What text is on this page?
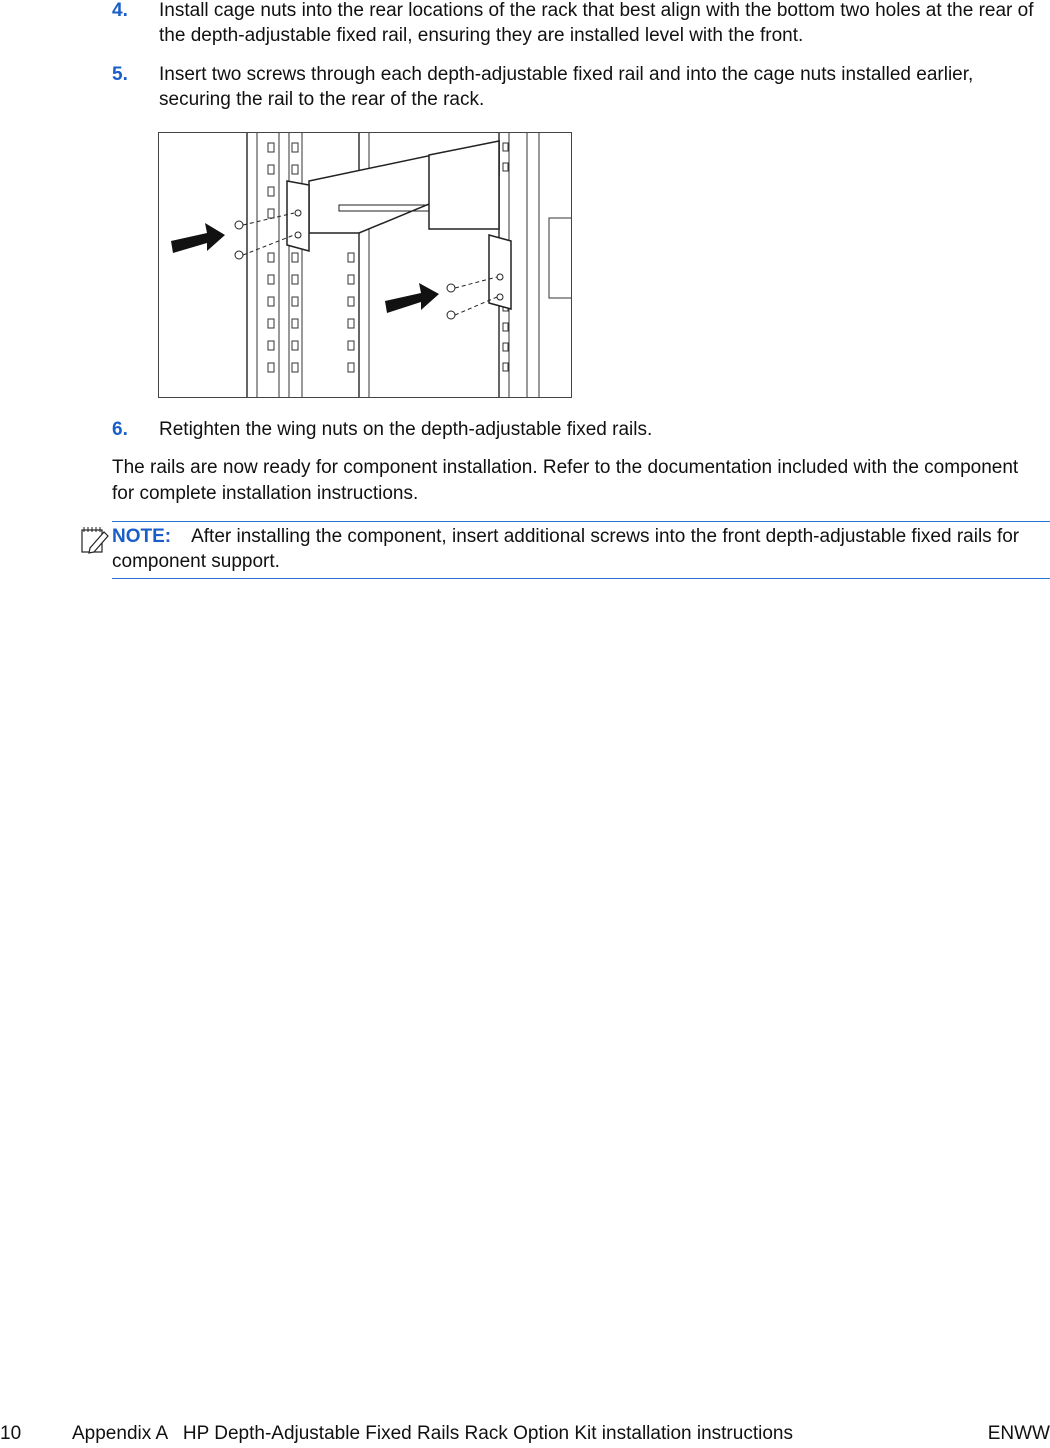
4. Install cage nuts into the rear locations of the rack that best align with the bottom two holes at the rear of the depth-adjustable fixed rail, ensuring they are installed level with the front.
5. Insert two screws through each depth-adjustable fixed rail and into the cage nuts installed earlier, securing the rail to the rear of the rack.
6. Retighten the wing nuts on the depth-adjustable fixed rails.
The rails are now ready for component installation. Refer to the documentation included with the component for complete installation instructions.
NOTE: After installing the component, insert additional screws into the front depth-adjustable fixed rails for component support.
10	Appendix A   HP Depth-Adjustable Fixed Rails Rack Option Kit installation instructions	ENWW
